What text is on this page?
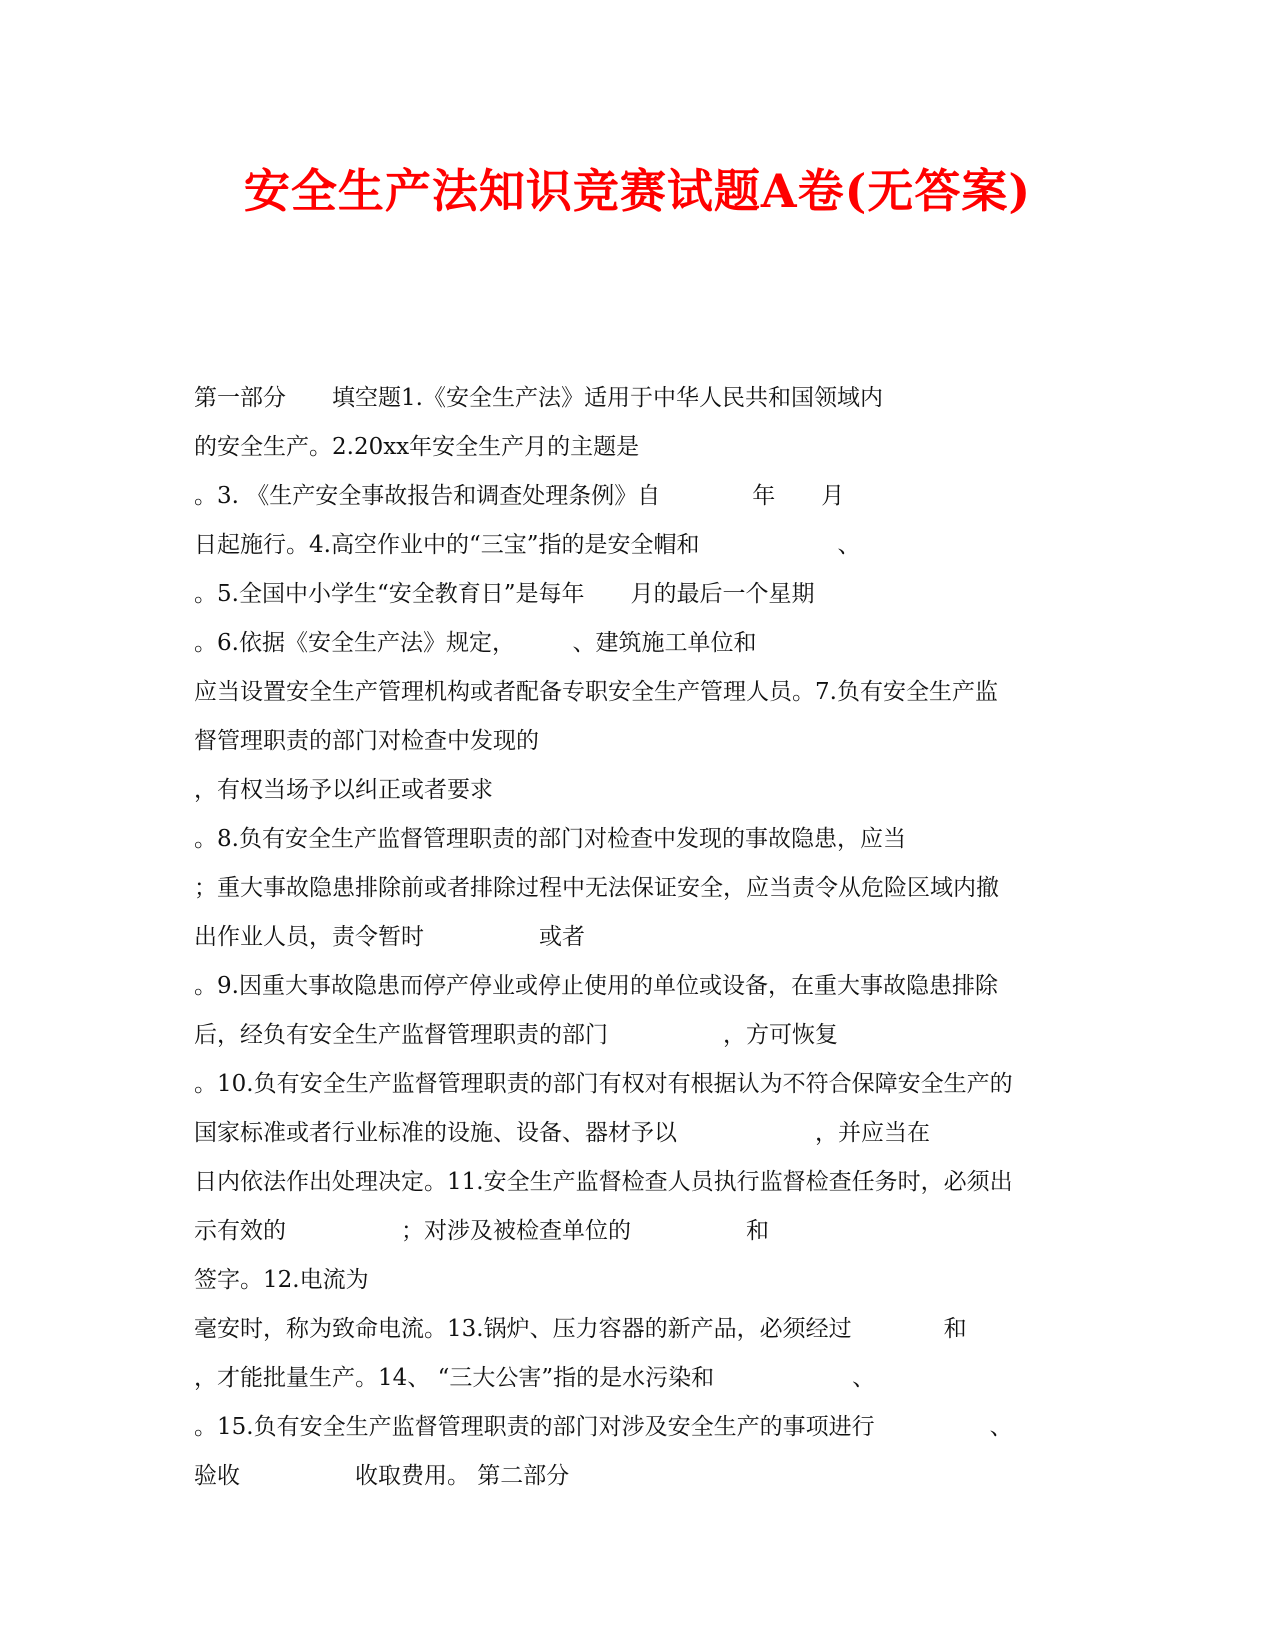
安全生产法知识竞赛试题A卷(无答案)
第一部分　　填空题1.《安全生产法》适用于中华人民共和国领域内
的安全生产。2.20xx年安全生产月的主题是
。3. 《生产安全事故报告和调查处理条例》自　　　　年　　月
日起施行。4.高空作业中的“三宝”指的是安全帽和　　　　　　、
。5.全国中小学生“安全教育日”是每年　　月的最后一个星期
。6.依据《安全生产法》规定，　　　、建筑施工单位和
应当设置安全生产管理机构或者配备专职安全生产管理人员。7.负有安全生产监
督管理职责的部门对检查中发现的
，有权当场予以纠正或者要求
。8.负有安全生产监督管理职责的部门对检查中发现的事故隐患，应当
；重大事故隐患排除前或者排除过程中无法保证安全，应当责令从危险区域内撤
出作业人员，责令暂时　　　　　或者
。9.因重大事故隐患而停产停业或停止使用的单位或设备，在重大事故隐患排除
后，经负有安全生产监督管理职责的部门　　　　　，方可恢复
。10.负有安全生产监督管理职责的部门有权对有根据认为不符合保障安全生产的
国家标准或者行业标准的设施、设备、器材予以　　　　　　，并应当在
日内依法作出处理决定。11.安全生产监督检查人员执行监督检查任务时，必须出
示有效的　　　　　；对涉及被检查单位的　　　　　和
签字。12.电流为
毫安时，称为致命电流。13.锅炉、压力容器的新产品，必须经过　　　　和
，才能批量生产。14、 “三大公害”指的是水污染和　　　　　　、
。15.负有安全生产监督管理职责的部门对涉及安全生产的事项进行　　　　　、
验收　　　　　收取费用。 第二部分
